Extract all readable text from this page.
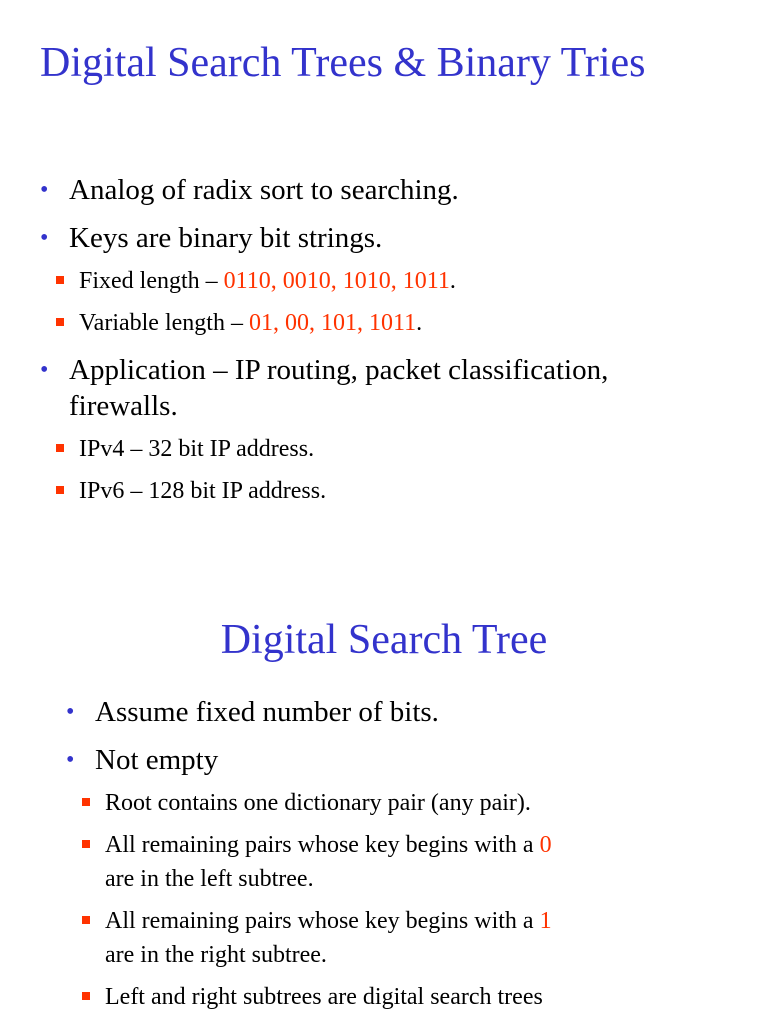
Digital Search Trees & Binary Tries
• Analog of radix sort to searching.
• Keys are binary bit strings.
Fixed length – 0110, 0010, 1010, 1011.
Variable length – 01, 00, 101, 1011.
• Application – IP routing, packet classification,
firewalls.
IPv4 – 32 bit IP address.
IPv6 – 128 bit IP address.
Digital Search Tree
• Assume fixed number of bits.
• Not empty
Root contains one dictionary pair (any pair).
All remaining pairs whose key begins with a 0
are in the left subtree.
All remaining pairs whose key begins with a 1
are in the right subtree.
Left and right subtrees are digital search trees
